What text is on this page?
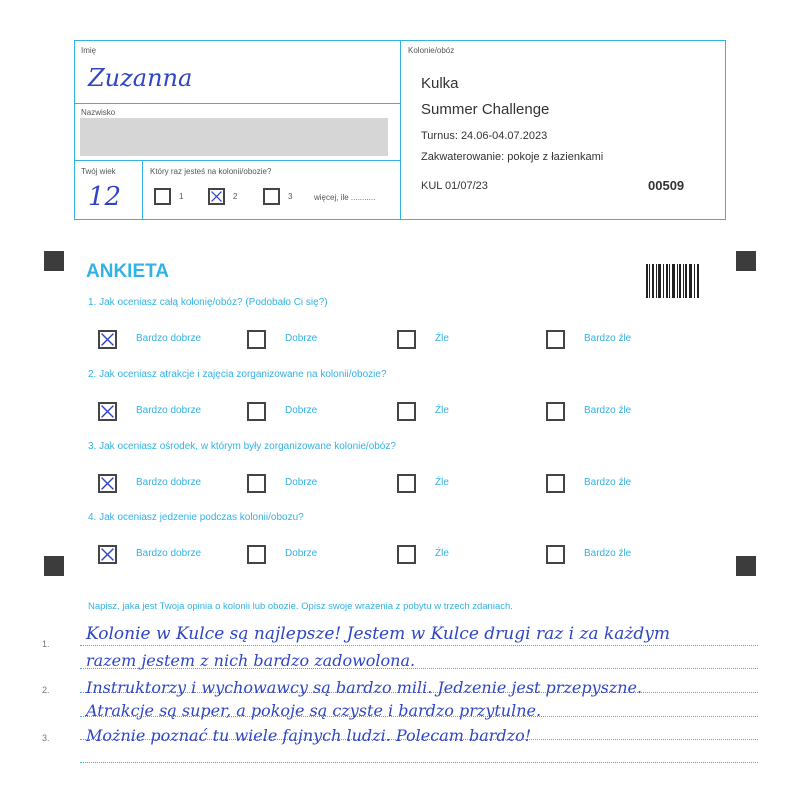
Imię
Zuzanna
Nazwisko
Twój wiek
12
Który raz jesteś na kolonii/obozie?
1	2	3	więcej, ile ...........
Kolonie/obóz
Kulka
Summer Challenge
Turnus: 24.06-04.07.2023
Zakwaterowanie: pokoje z łazienkami
KUL 01/07/23	00509
ANKIETA
1. Jak oceniasz całą kolonię/obóz? (Podobało Ci się?)
Bardzo dobrze	Dobrze	Źle	Bardzo źle
2. Jak oceniasz atrakcje i zajęcia zorganizowane na kolonii/obozie?
Bardzo dobrze	Dobrze	Źle	Bardzo źle
3. Jak oceniasz ośrodek, w którym były zorganizowane kolonie/obóz?
Bardzo dobrze	Dobrze	Źle	Bardzo źle
4. Jak oceniasz jedzenie podczas kolonii/obozu?
Bardzo dobrze	Dobrze	Źle	Bardzo źle
Napisz, jaka jest Twoja opinia o kolonii lub obozie. Opisz swoje wrażenia z pobytu w trzech zdaniach.
1.
2.
3.
Kolonie w Kulce są najlepsze! Jestem w Kulce drugi raz i za każdym
razem jestem z nich bardzo zadowolona.
Instruktorzy i wychowawcy są bardzo mili. Jedzenie jest przepyszne.
Atrakcje są super, a pokoje są czyste i bardzo przytulne.
Możnie poznać tu wiele fajnych ludzi. Polecam bardzo!
